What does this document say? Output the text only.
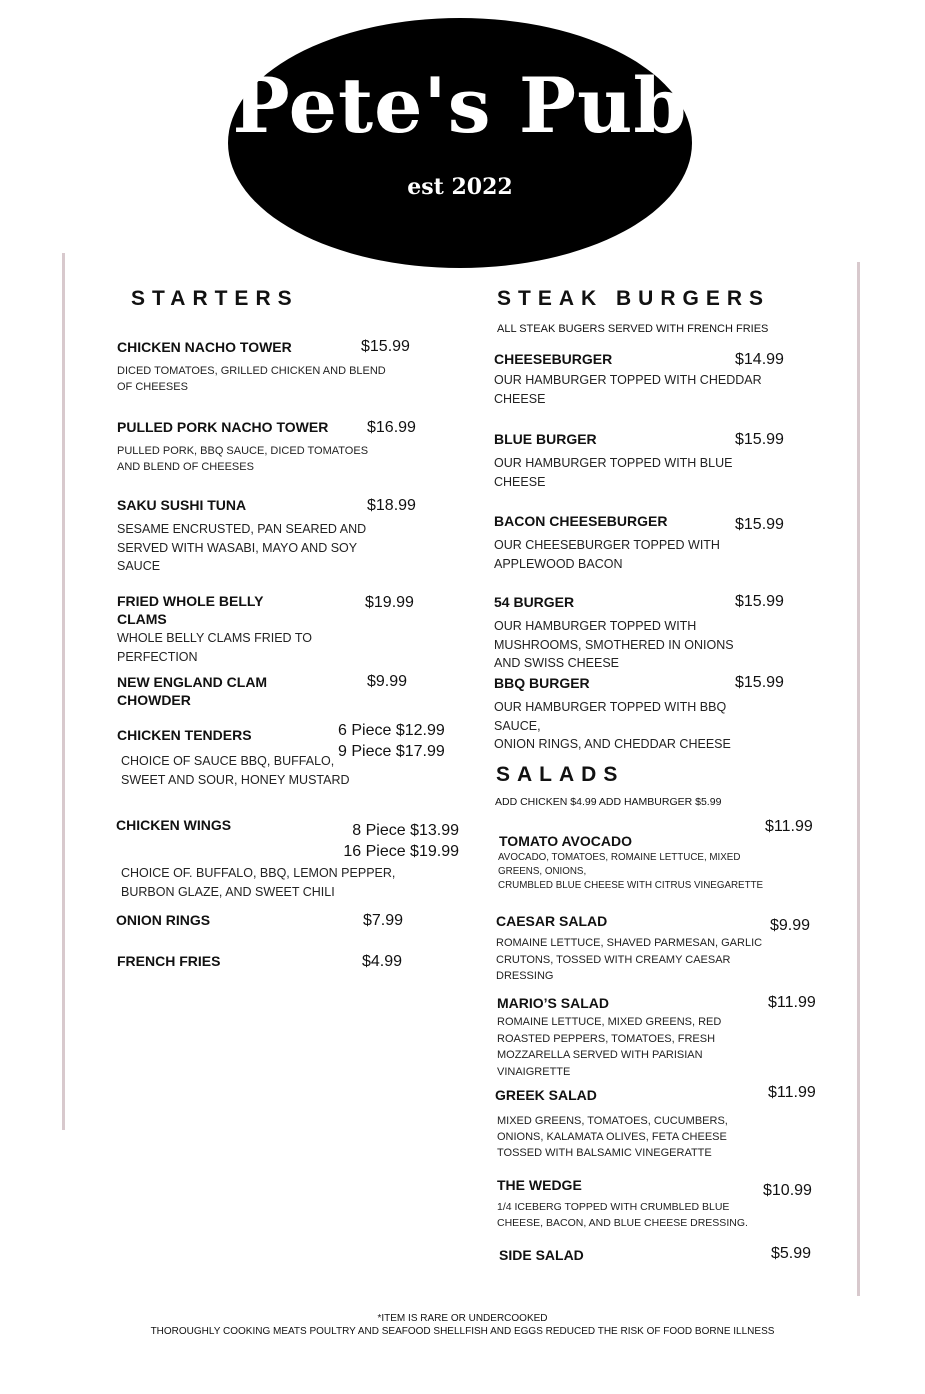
Pete's Pub
est 2022
STARTERS
CHICKEN NACHO TOWER	$15.99
DICED TOMATOES, GRILLED CHICKEN AND BLEND
OF CHEESES
PULLED PORK NACHO TOWER $16.99
PULLED PORK, BBQ SAUCE, DICED TOMATOES
AND BLEND OF CHEESES
SAKU SUSHI TUNA	$18.99
SESAME ENCRUSTED, PAN SEARED AND
SERVED WITH WASABI, MAYO AND SOY
SAUCE
FRIED WHOLE BELLY
CLAMS
$19.99
WHOLE BELLY CLAMS FRIED TO
PERFECTION
NEW ENGLAND CLAM
CHOWDER
$9.99
CHICKEN TENDERS	6 Piece $12.99
9 Piece $17.99
CHOICE OF SAUCE BBQ, BUFFALO,
SWEET AND SOUR, HONEY MUSTARD
CHICKEN WINGS	8 Piece $13.99
16 Piece $19.99
CHOICE OF. BUFFALO, BBQ, LEMON PEPPER,
BURBON GLAZE, AND SWEET CHILI
ONION RINGS	$7.99
FRENCH FRIES	$4.99
STEAK BURGERS
ALL STEAK BUGERS SERVED WITH FRENCH FRIES
CHEESEBURGER	$14.99
OUR HAMBURGER TOPPED WITH CHEDDAR
CHEESE
BLUE BURGER	$15.99
OUR HAMBURGER TOPPED WITH BLUE
CHEESE
BACON CHEESEBURGER	$15.99
OUR CHEESEBURGER TOPPED WITH
APPLEWOOD BACON
54 BURGER	$15.99
OUR HAMBURGER TOPPED WITH
MUSHROOMS, SMOTHERED IN ONIONS
AND SWISS CHEESE
BBQ BURGER	$15.99
OUR HAMBURGER TOPPED WITH BBQ
SAUCE,
ONION RINGS, AND CHEDDAR CHEESE
SALADS
ADD CHICKEN $4.99 ADD HAMBURGER $5.99
TOMATO AVOCADO
$11.99
AVOCADO, TOMATOES, ROMAINE LETTUCE, MIXED
GREENS, ONIONS,
CRUMBLED BLUE CHEESE WITH CITRUS VINEGARETTE
CAESAR SALAD	$9.99
ROMAINE LETTUCE, SHAVED PARMESAN, GARLIC
CRUTONS, TOSSED WITH CREAMY CAESAR
DRESSING
MARIO’S SALAD	$11.99
ROMAINE LETTUCE, MIXED GREENS, RED
ROASTED PEPPERS, TOMATOES, FRESH
MOZZARELLA SERVED WITH PARISIAN
VINAIGRETTE
GREEK SALAD	$11.99
MIXED GREENS, TOMATOES, CUCUMBERS,
ONIONS, KALAMATA OLIVES, FETA CHEESE
TOSSED WITH BALSAMIC VINEGERATTE
THE WEDGE	$10.99
1/4 ICEBERG TOPPED WITH CRUMBLED BLUE
CHEESE, BACON, AND BLUE CHEESE DRESSING.
SIDE SALAD	$5.99
*ITEM IS RARE OR UNDERCOOKED
THOROUGHLY COOKING MEATS POULTRY AND SEAFOOD SHELLFISH AND EGGS REDUCED THE RISK OF FOOD BORNE ILLNESS
